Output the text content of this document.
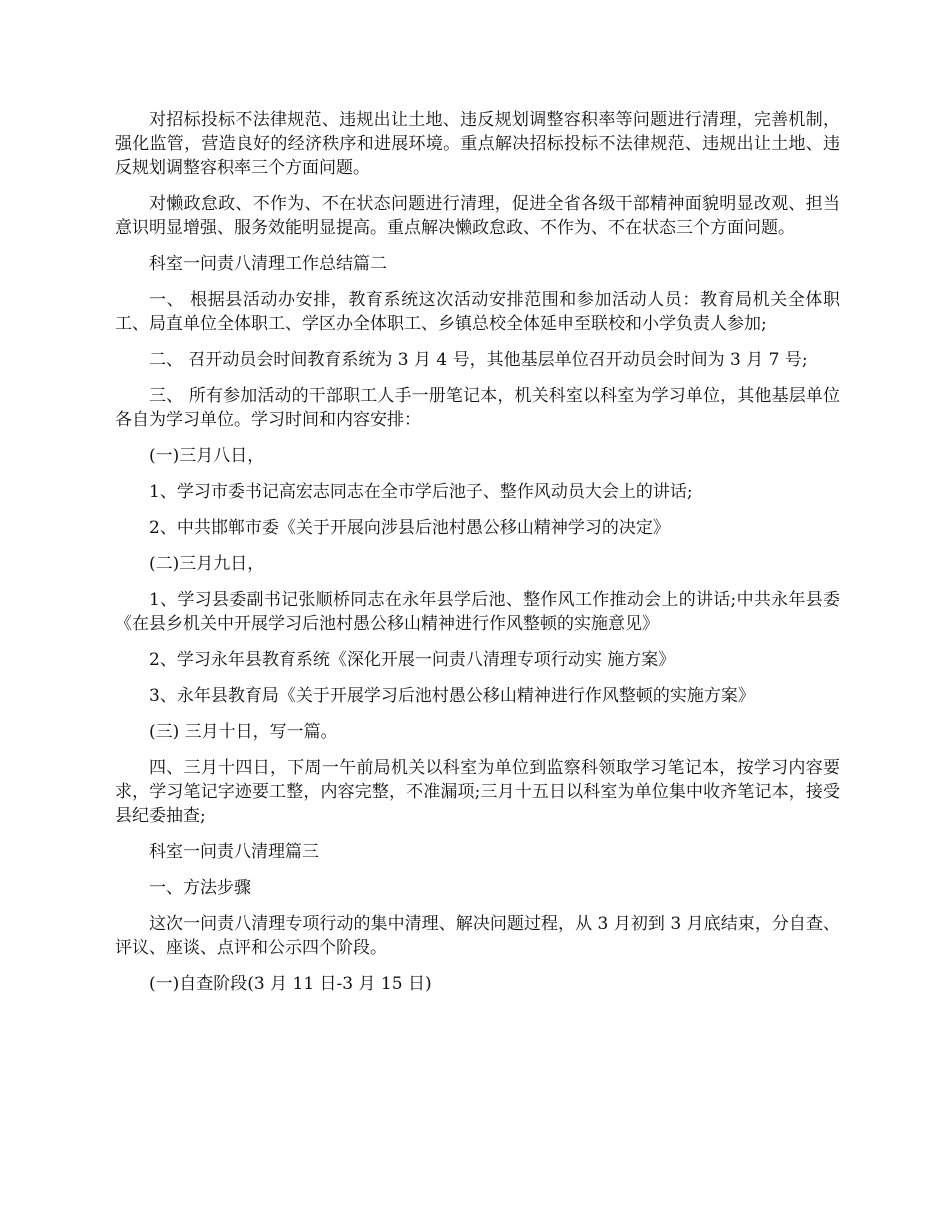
对招标投标不法律规范、违规出让土地、违反规划调整容积率等问题进行清理，完善机制，强化监管，营造良好的经济秩序和进展环境。重点解决招标投标不法律规范、违规出让土地、违反规划调整容积率三个方面问题。

对懒政怠政、不作为、不在状态问题进行清理，促进全省各级干部精神面貌明显改观、担当意识明显增强、服务效能明显提高。重点解决懒政怠政、不作为、不在状态三个方面问题。

科室一问责八清理工作总结篇二

一、 根据县活动办安排，教育系统这次活动安排范围和参加活动人员：教育局机关全体职工、局直单位全体职工、学区办全体职工、乡镇总校全体延申至联校和小学负责人参加;

二、 召开动员会时间教育系统为 3 月 4 号，其他基层单位召开动员会时间为 3 月 7 号;

三、 所有参加活动的干部职工人手一册笔记本，机关科室以科室为学习单位，其他基层单位各自为学习单位。学习时间和内容安排：

(一)三月八日，

1、学习市委书记高宏志同志在全市学后池子、整作风动员大会上的讲话;

2、中共邯郸市委《关于开展向涉县后池村愚公移山精神学习的决定》

(二)三月九日，

1、学习县委副书记张顺桥同志在永年县学后池、整作风工作推动会上的讲话;中共永年县委《在县乡机关中开展学习后池村愚公移山精神进行作风整顿的实施意见》

2、学习永年县教育系统《深化开展一问责八清理专项行动实 施方案》

3、永年县教育局《关于开展学习后池村愚公移山精神进行作风整顿的实施方案》

(三) 三月十日，写一篇。

四、三月十四日，下周一午前局机关以科室为单位到监察科领取学习笔记本，按学习内容要求，学习笔记字迹要工整，内容完整，不准漏项;三月十五日以科室为单位集中收齐笔记本，接受县纪委抽查;

科室一问责八清理篇三

一、方法步骤

这次一问责八清理专项行动的集中清理、解决问题过程，从 3 月初到 3 月底结束，分自查、评议、座谈、点评和公示四个阶段。

(一)自查阶段(3 月 11 日-3 月 15 日)
